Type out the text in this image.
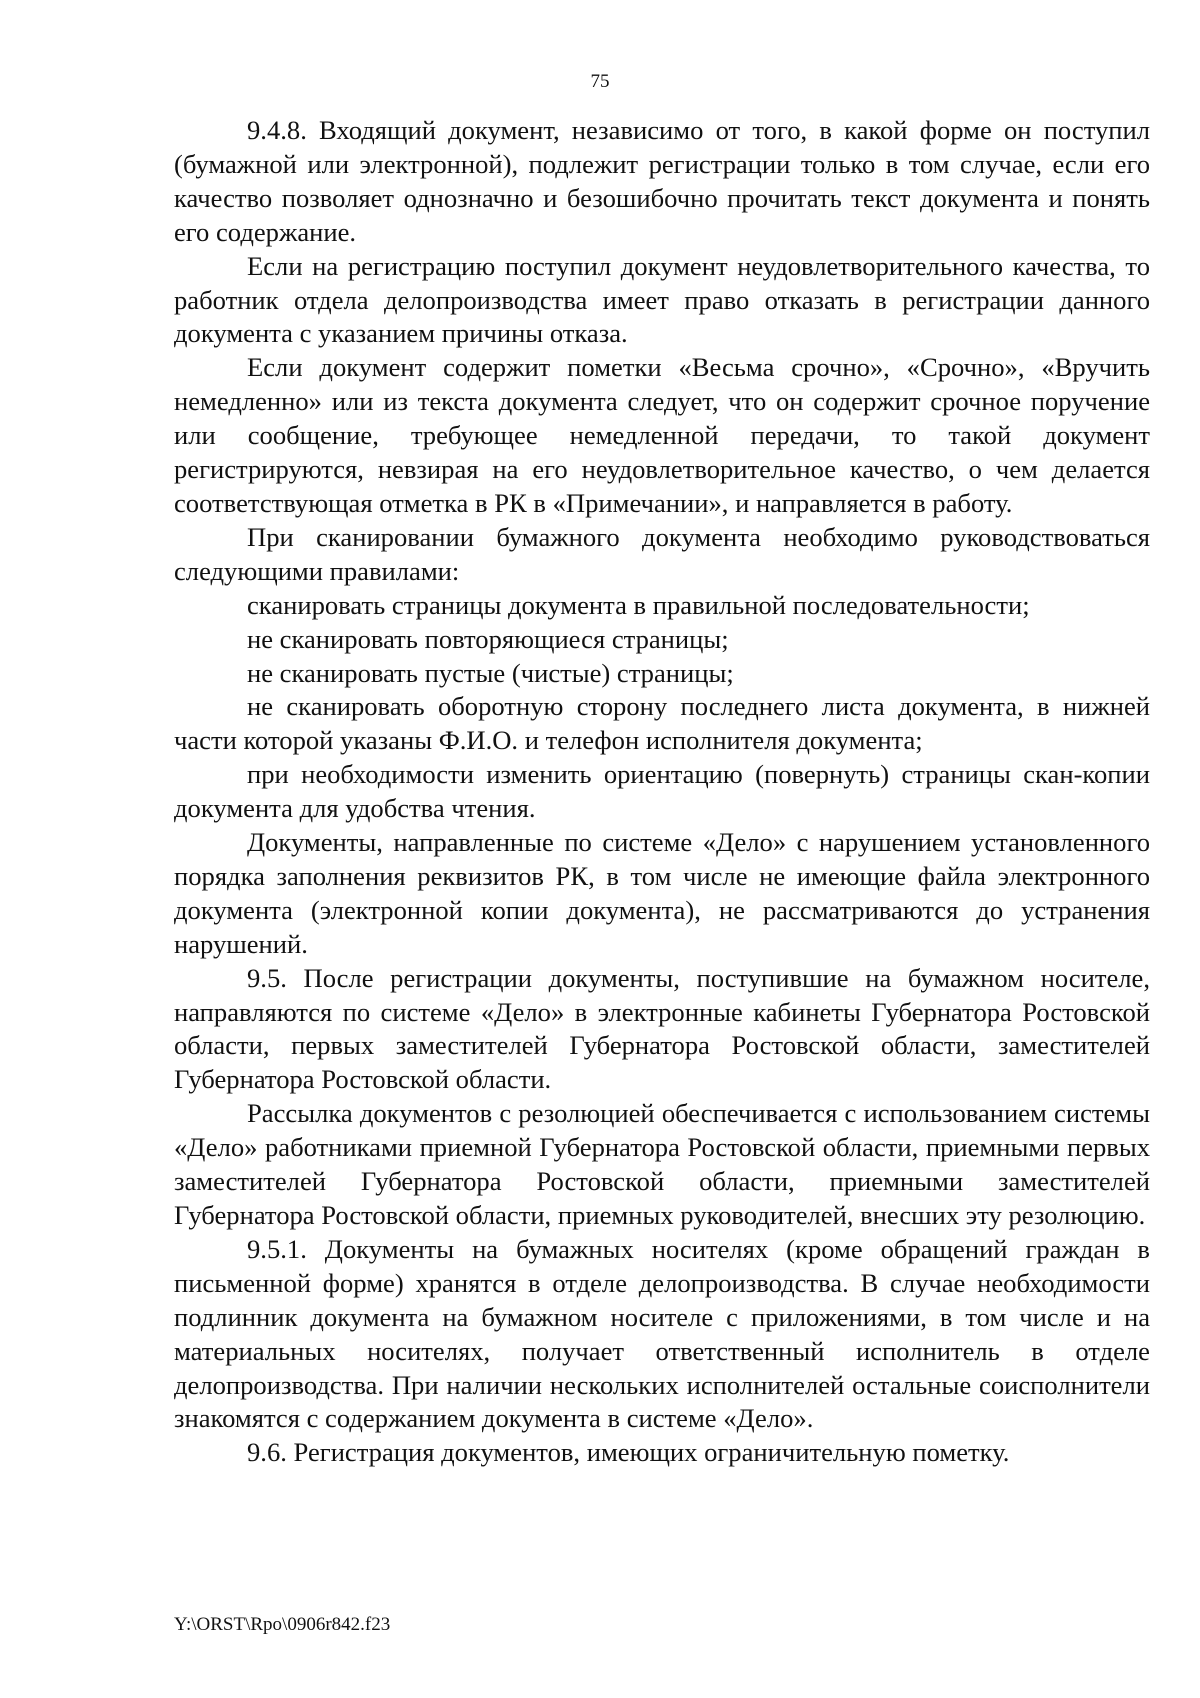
75

9.4.8. Входящий документ, независимо от того, в какой форме он поступил (бумажной или электронной), подлежит регистрации только в том случае, если его качество позволяет однозначно и безошибочно прочитать текст документа и понять его содержание.

Если на регистрацию поступил документ неудовлетворительного качества, то работник отдела делопроизводства имеет право отказать в регистрации данного документа с указанием причины отказа.

Если документ содержит пометки «Весьма срочно», «Срочно», «Вручить немедленно» или из текста документа следует, что он содержит срочное поручение или сообщение, требующее немедленной передачи, то такой документ регистрируются, невзирая на его неудовлетворительное качество, о чем делается соответствующая отметка в РК в «Примечании», и направляется в работу.

При сканировании бумажного документа необходимо руководствоваться следующими правилами:

сканировать страницы документа в правильной последовательности;

не сканировать повторяющиеся страницы;

не сканировать пустые (чистые) страницы;

не сканировать оборотную сторону последнего листа документа, в нижней части которой указаны Ф.И.О. и телефон исполнителя документа;

при необходимости изменить ориентацию (повернуть) страницы скан-копии документа для удобства чтения.

Документы, направленные по системе «Дело» с нарушением установленного порядка заполнения реквизитов РК, в том числе не имеющие файла электронного документа (электронной копии документа), не рассматриваются до устранения нарушений.

9.5. После регистрации документы, поступившие на бумажном носителе, направляются по системе «Дело» в электронные кабинеты Губернатора Ростовской области, первых заместителей Губернатора Ростовской области, заместителей Губернатора Ростовской области.

Рассылка документов с резолюцией обеспечивается с использованием системы «Дело» работниками приемной Губернатора Ростовской области, приемными первых заместителей Губернатора Ростовской области, приемными заместителей Губернатора Ростовской области, приемных руководителей, внесших эту резолюцию.

9.5.1. Документы на бумажных носителях (кроме обращений граждан в письменной форме) хранятся в отделе делопроизводства. В случае необходимости подлинник документа на бумажном носителе с приложениями, в том числе и на материальных носителях, получает ответственный исполнитель в отделе делопроизводства. При наличии нескольких исполнителей остальные соисполнители знакомятся с содержанием документа в системе «Дело».

9.6. Регистрация документов, имеющих ограничительную пометку.

Y:\ORST\Rpo\0906r842.f23
